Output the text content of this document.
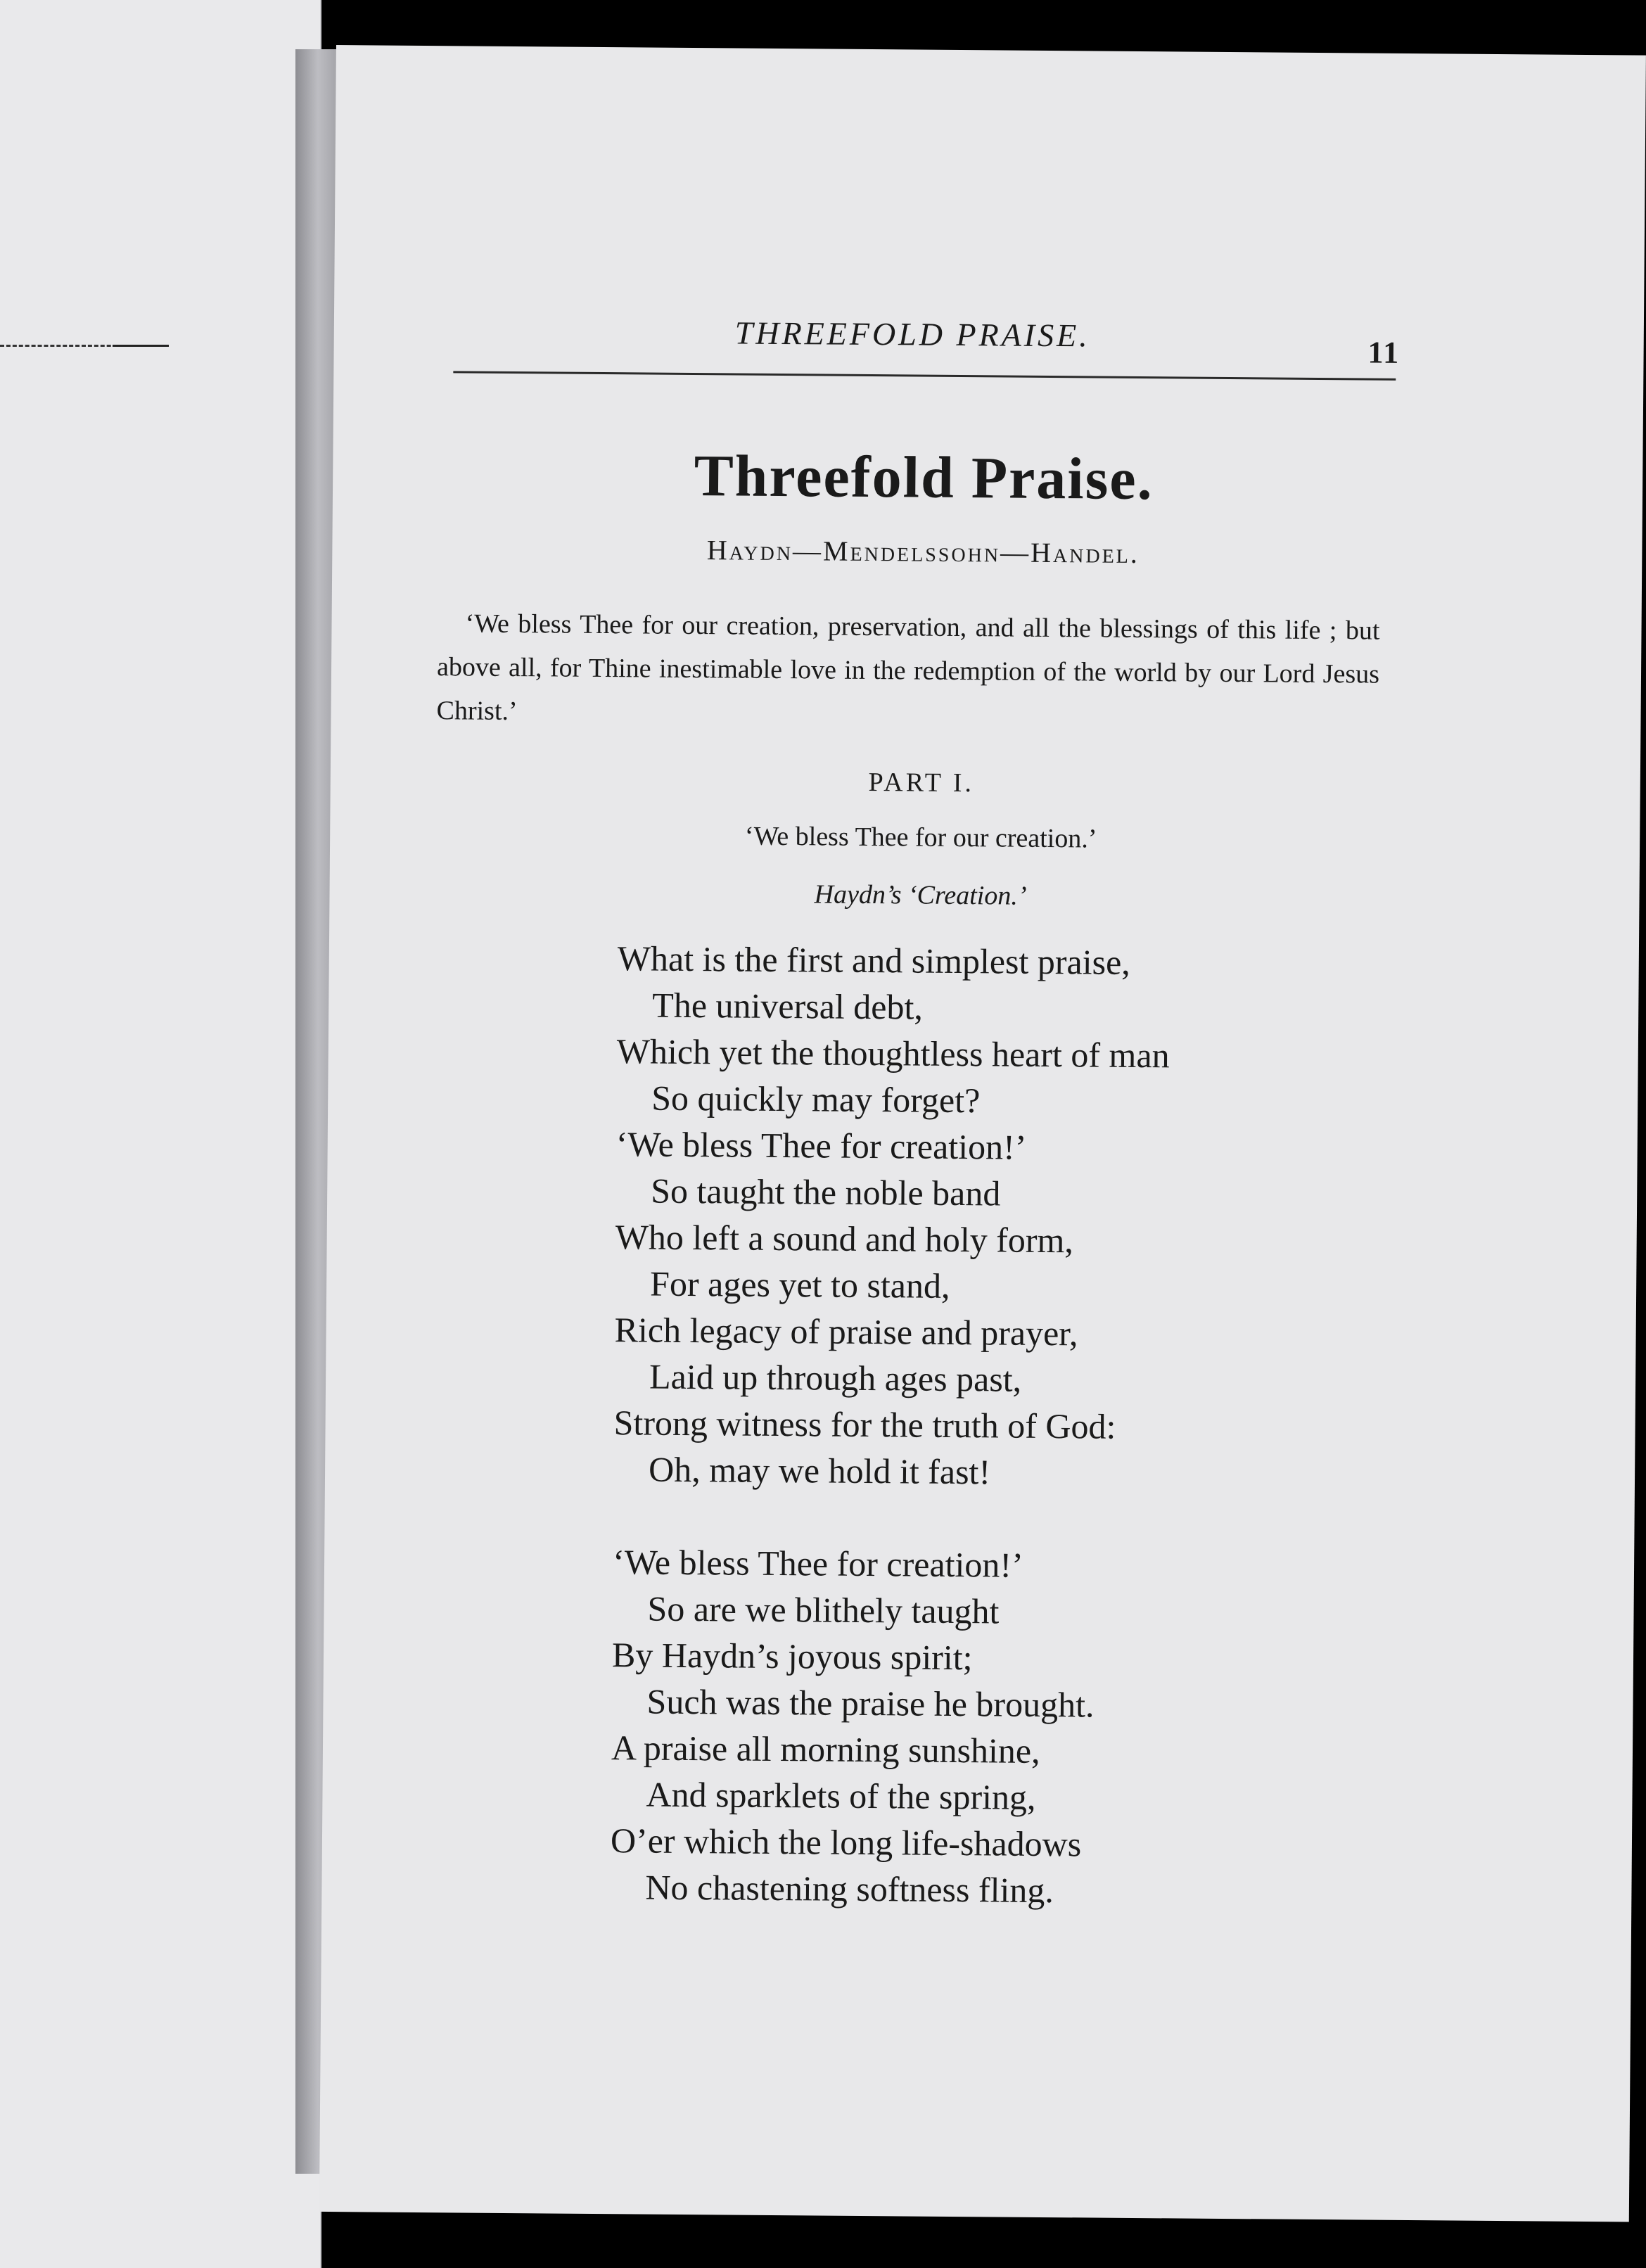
THREEFOLD PRAISE.	11
Threefold Praise.
Haydn—Mendelssohn—Handel.
‘We bless Thee for our creation, preservation, and all the blessings of this life ; but above all, for Thine inestimable love in the redemption of the world by our Lord Jesus Christ.’
PART I.
‘We bless Thee for our creation.’
Haydn’s ‘Creation.’
What is the first and simplest praise,
The universal debt,
Which yet the thoughtless heart of man
So quickly may forget?
‘We bless Thee for creation!’
So taught the noble band
Who left a sound and holy form,
For ages yet to stand,
Rich legacy of praise and prayer,
Laid up through ages past,
Strong witness for the truth of God:
Oh, may we hold it fast!
‘We bless Thee for creation!’
So are we blithely taught
By Haydn’s joyous spirit;
Such was the praise he brought.
A praise all morning sunshine,
And sparklets of the spring,
O’er which the long life-shadows
No chastening softness fling.
